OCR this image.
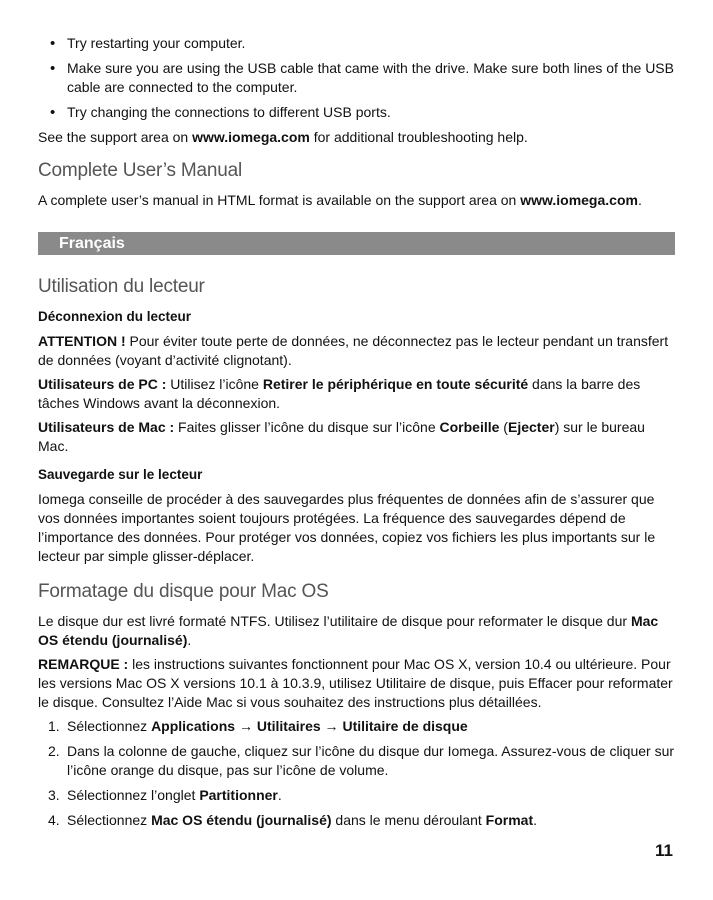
• Try restarting your computer.
• Make sure you are using the USB cable that came with the drive. Make sure both lines of the USB cable are connected to the computer.
• Try changing the connections to different USB ports.

See the support area on www.iomega.com for additional troubleshooting help.

Complete User’s Manual

A complete user’s manual in HTML format is available on the support area on www.iomega.com.

Français
Utilisation du lecteur
Déconnexion du lecteur

ATTENTION ! Pour éviter toute perte de données, ne déconnectez pas le lecteur pendant un transfert de données (voyant d’activité clignotant).

Utilisateurs de PC : Utilisez l’icône Retirer le périphérique en toute sécurité dans la barre des tâches Windows avant la déconnexion.

Utilisateurs de Mac : Faites glisser l’icône du disque sur l’icône Corbeille (Ejecter) sur le bureau Mac.

Sauvegarde sur le lecteur

Iomega conseille de procéder à des sauvegardes plus fréquentes de données afin de s’assurer que vos données importantes soient toujours protégées. La fréquence des sauvegardes dépend de l’importance des données. Pour protéger vos données, copiez vos fichiers les plus importants sur le lecteur par simple glisser-déplacer.

Formatage du disque pour Mac OS

Le disque dur est livré formaté NTFS. Utilisez l’utilitaire de disque pour reformater le disque dur Mac OS étendu (journalisé).

REMARQUE : les instructions suivantes fonctionnent pour Mac OS X, version 10.4 ou ultérieure. Pour les versions Mac OS X versions 10.1 à 10.3.9, utilisez Utilitaire de disque, puis Effacer pour reformater le disque. Consultez l’Aide Mac si vous souhaitez des instructions plus détaillées.

1. Sélectionnez Applications → Utilitaires → Utilitaire de disque
2. Dans la colonne de gauche, cliquez sur l’icône du disque dur Iomega. Assurez-vous de cliquer sur l’icône orange du disque, pas sur l’icône de volume.
3. Sélectionnez l’onglet Partitionner.
4. Sélectionnez Mac OS étendu (journalisé) dans le menu déroulant Format.
11
